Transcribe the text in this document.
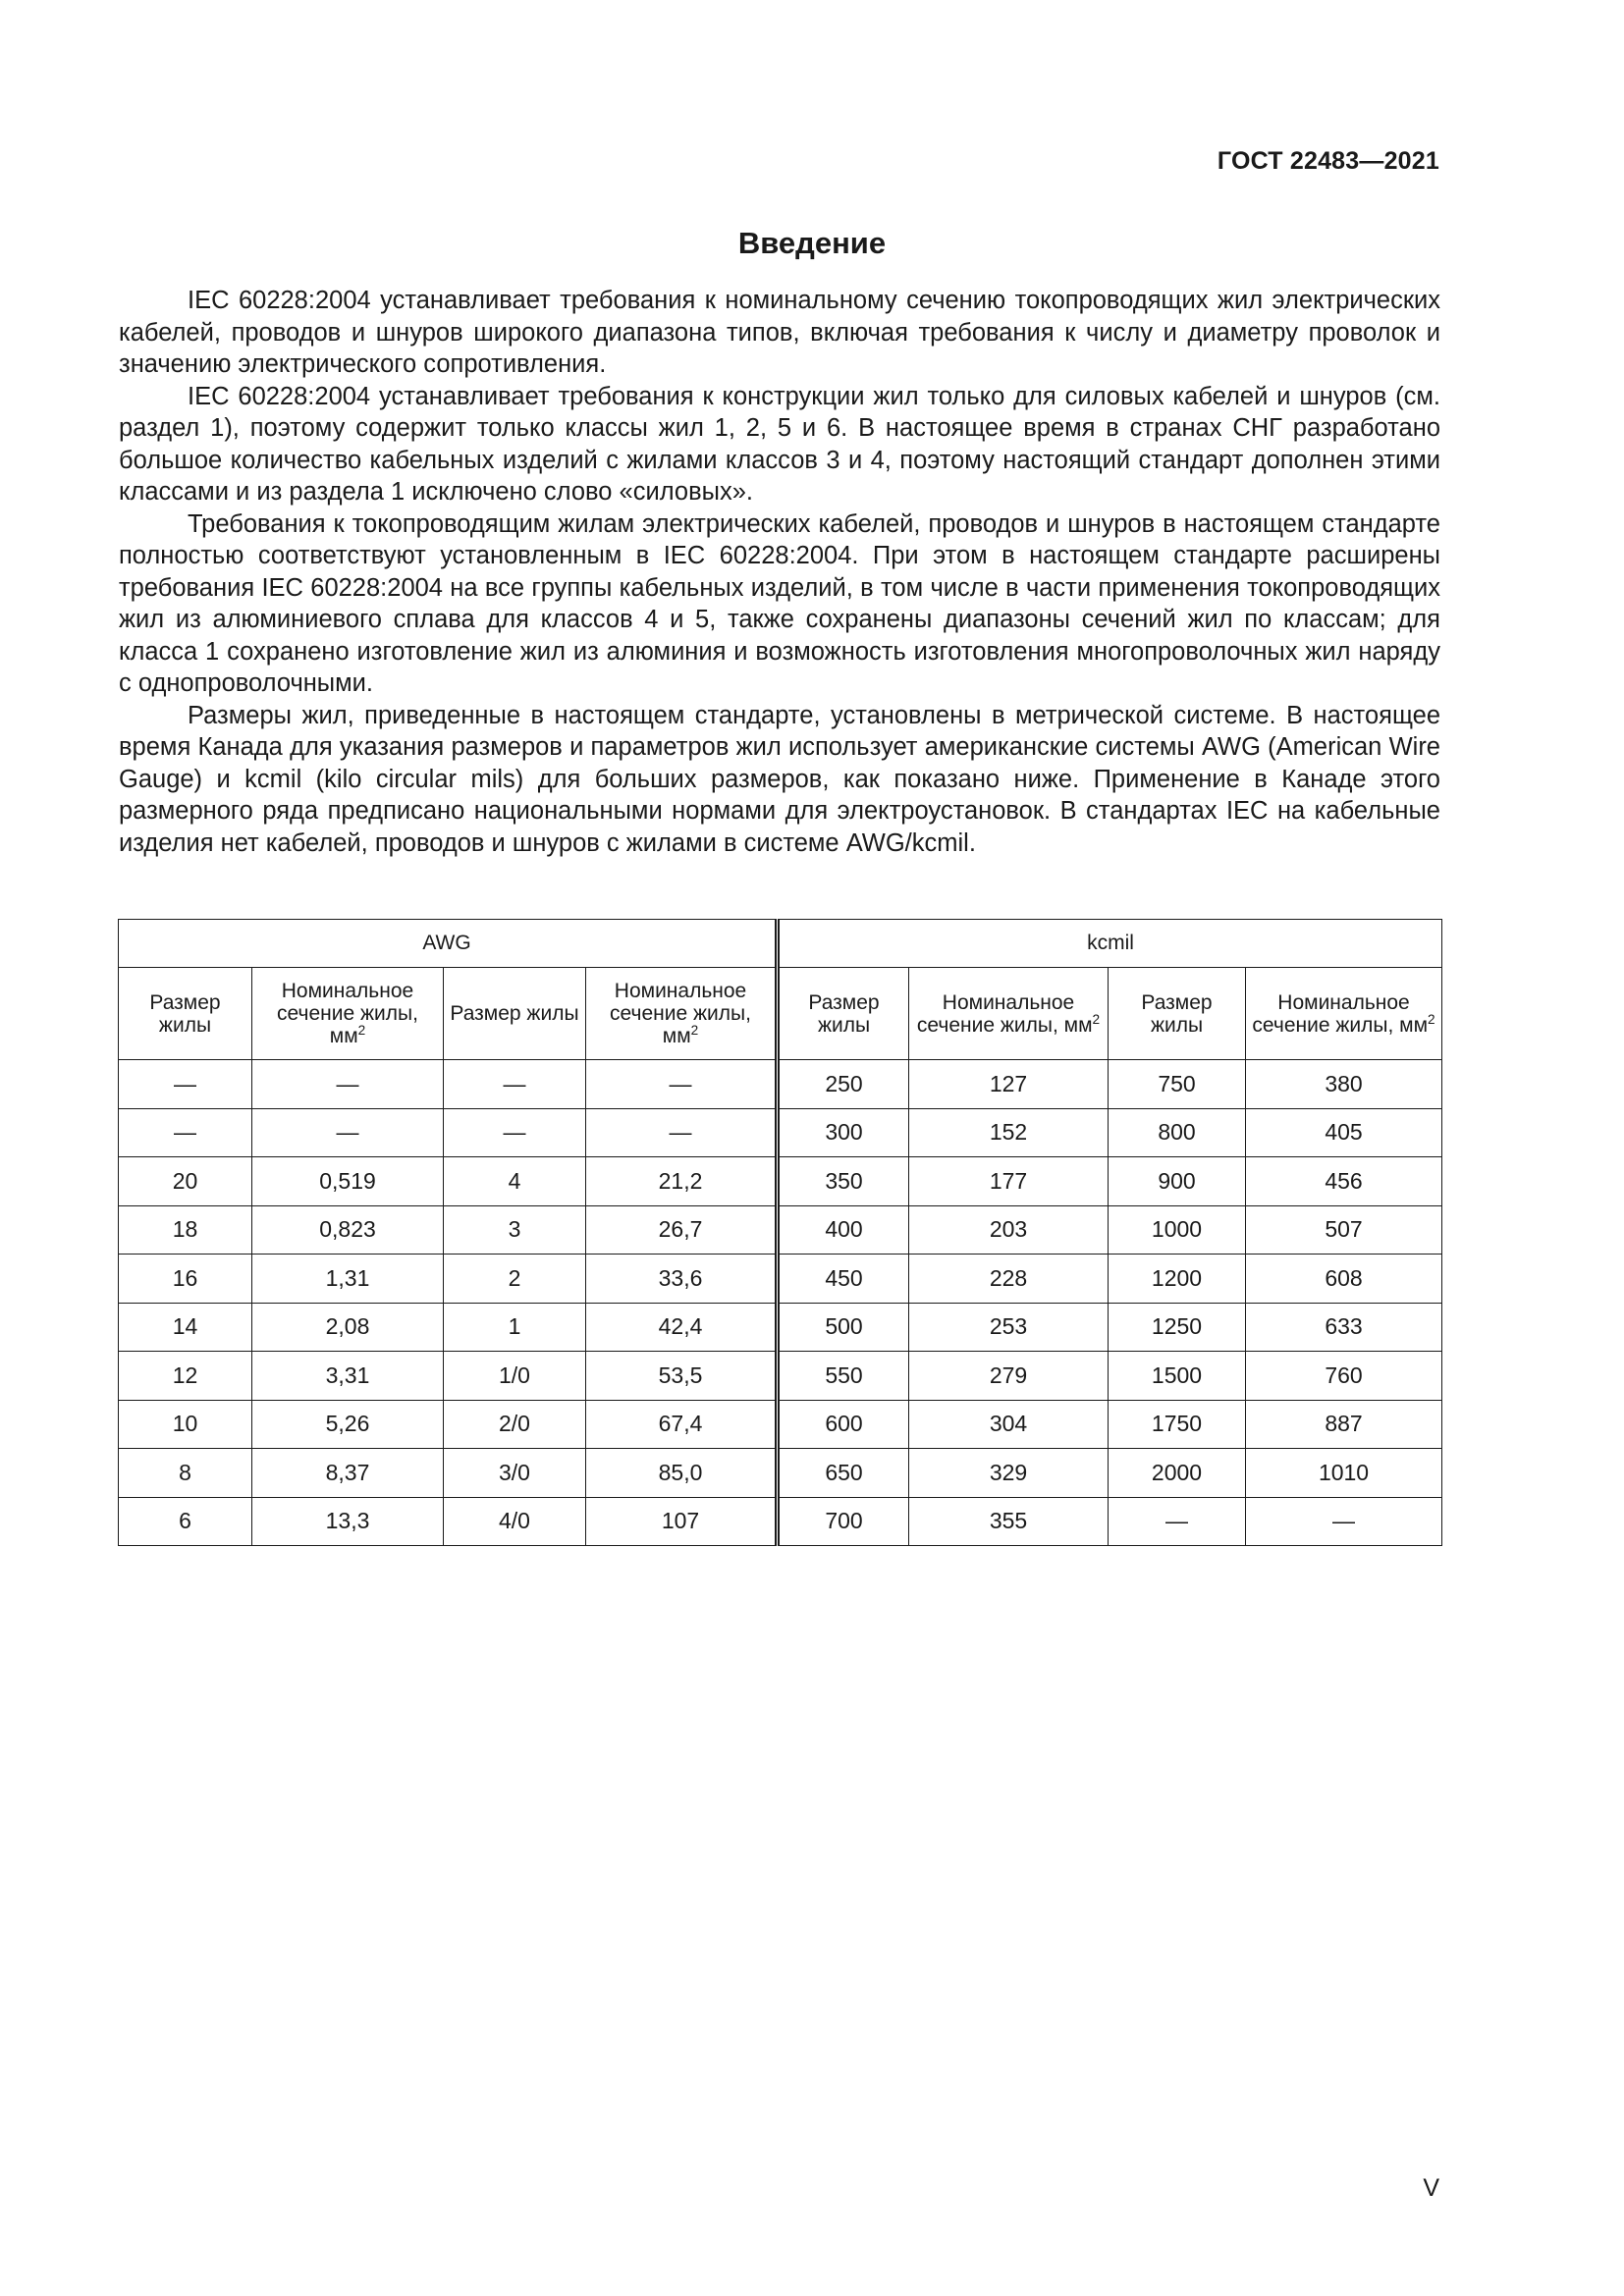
ГОСТ 22483—2021
Введение

IEC 60228:2004 устанавливает требования к номинальному сечению токопроводящих жил электрических кабелей, проводов и шнуров широкого диапазона типов, включая требования к числу и диаметру проволок и значению электрического сопротивления.

IEC 60228:2004 устанавливает требования к конструкции жил только для силовых кабелей и шнуров (см. раздел 1), поэтому содержит только классы жил 1, 2, 5 и 6. В настоящее время в странах СНГ разработано большое количество кабельных изделий с жилами классов 3 и 4, поэтому настоящий стандарт дополнен этими классами и из раздела 1 исключено слово «силовых».

Требования к токопроводящим жилам электрических кабелей, проводов и шнуров в настоящем стандарте полностью соответствуют установленным в IEC 60228:2004. При этом в настоящем стандарте расширены требования IEC 60228:2004 на все группы кабельных изделий, в том числе в части применения токопроводящих жил из алюминиевого сплава для классов 4 и 5, также сохранены диапазоны сечений жил по классам; для класса 1 сохранено изготовление жил из алюминия и возможность изготовления многопроволочных жил наряду с однопроволочными.

Размеры жил, приведенные в настоящем стандарте, установлены в метрической системе. В настоящее время Канада для указания размеров и параметров жил использует американские системы AWG (American Wire Gauge) и kcmil (kilo circular mils) для больших размеров, как показано ниже. Применение в Канаде этого размерного ряда предписано национальными нормами для электроустановок. В стандартах IEC на кабельные изделия нет кабелей, проводов и шнуров с жилами в системе AWG/kcmil.

AWG				kcmil			
Размер жилы	Номинальное сечение жилы, $мм^2$	Размер жилы	Номинальное сечение жилы, $мм^2$	Размер жилы	Номинальное сечение жилы, $мм^2$	Размер жилы	Номинальное сечение жилы, $мм^2$
—	—	—	—	250	127	750	380
—	—	—	—	300	152	800	405
20	0,519	4	21,2	350	177	900	456
18	0,823	3	26,7	400	203	1000	507
16	1,31	2	33,6	450	228	1200	608
14	2,08	1	42,4	500	253	1250	633
12	3,31	1/0	53,5	550	279	1500	760
10	5,26	2/0	67,4	600	304	1750	887
8	8,37	3/0	85,0	650	329	2000	1010
6	13,3	4/0	107	700	355	—	—
V
